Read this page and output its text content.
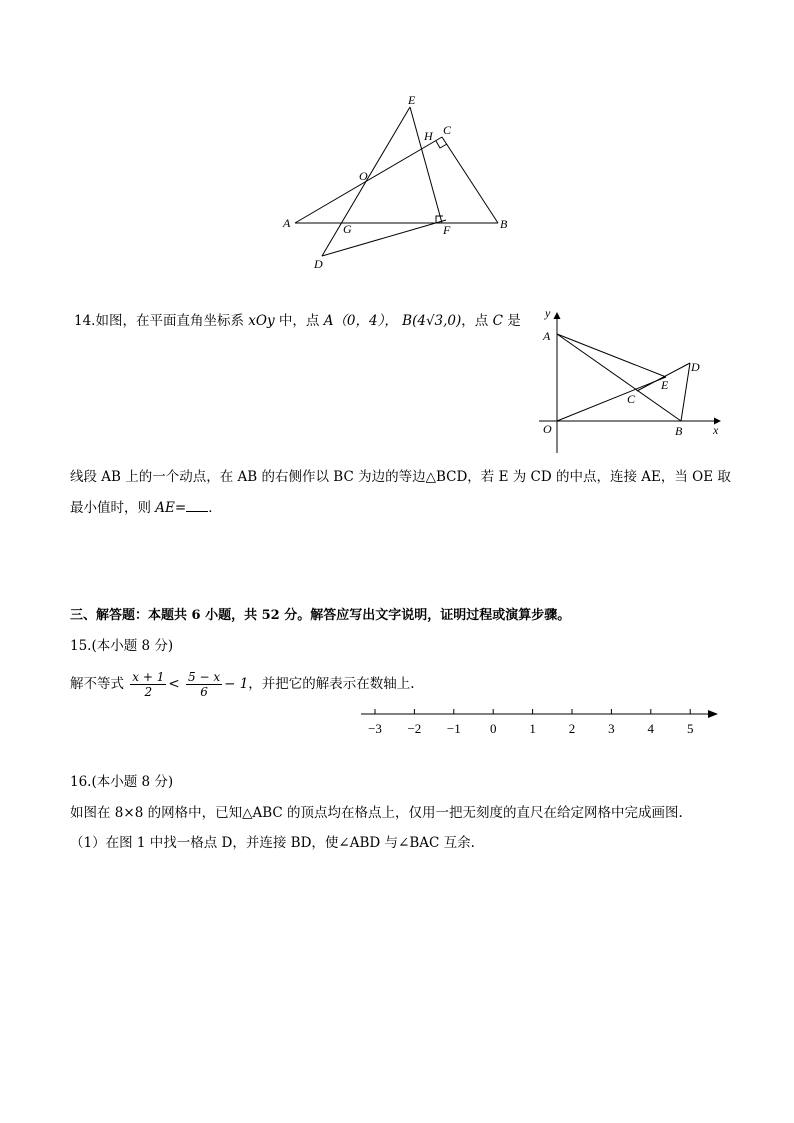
E
H C
O
A	G	F	B
D
14.如图，在平面直角坐标系 xOy 中，点 A（0，4）， B(4√3,0)，点 C 是 y
x
A
D
E
C
O	B
线段 AB 上的一个动点，在 AB 的右侧作以 BC 为边的等边△BCD，若 E 为 CD 的中点，连接 AE，当 OE 取
最小值时，则 AE= ．
三、解答题：本题共 6 小题，共 52 分。解答应写出文字说明，证明过程或演算步骤。
15.(本小题 8 分)
解不等式 $\frac{x + 1}{2} < \frac{5 - x}{6} - 1$，并把它的解表示在数轴上.
−3 −2 −1 0	1	2	3	4	5
16.(本小题 8 分)
如图在 8×8 的网格中，已知△ABC 的顶点均在格点上，仅用一把无刻度的直尺在给定网格中完成画图.
（1）在图 1 中找一格点 D，并连接 BD，使∠ABD 与∠BAC 互余.
